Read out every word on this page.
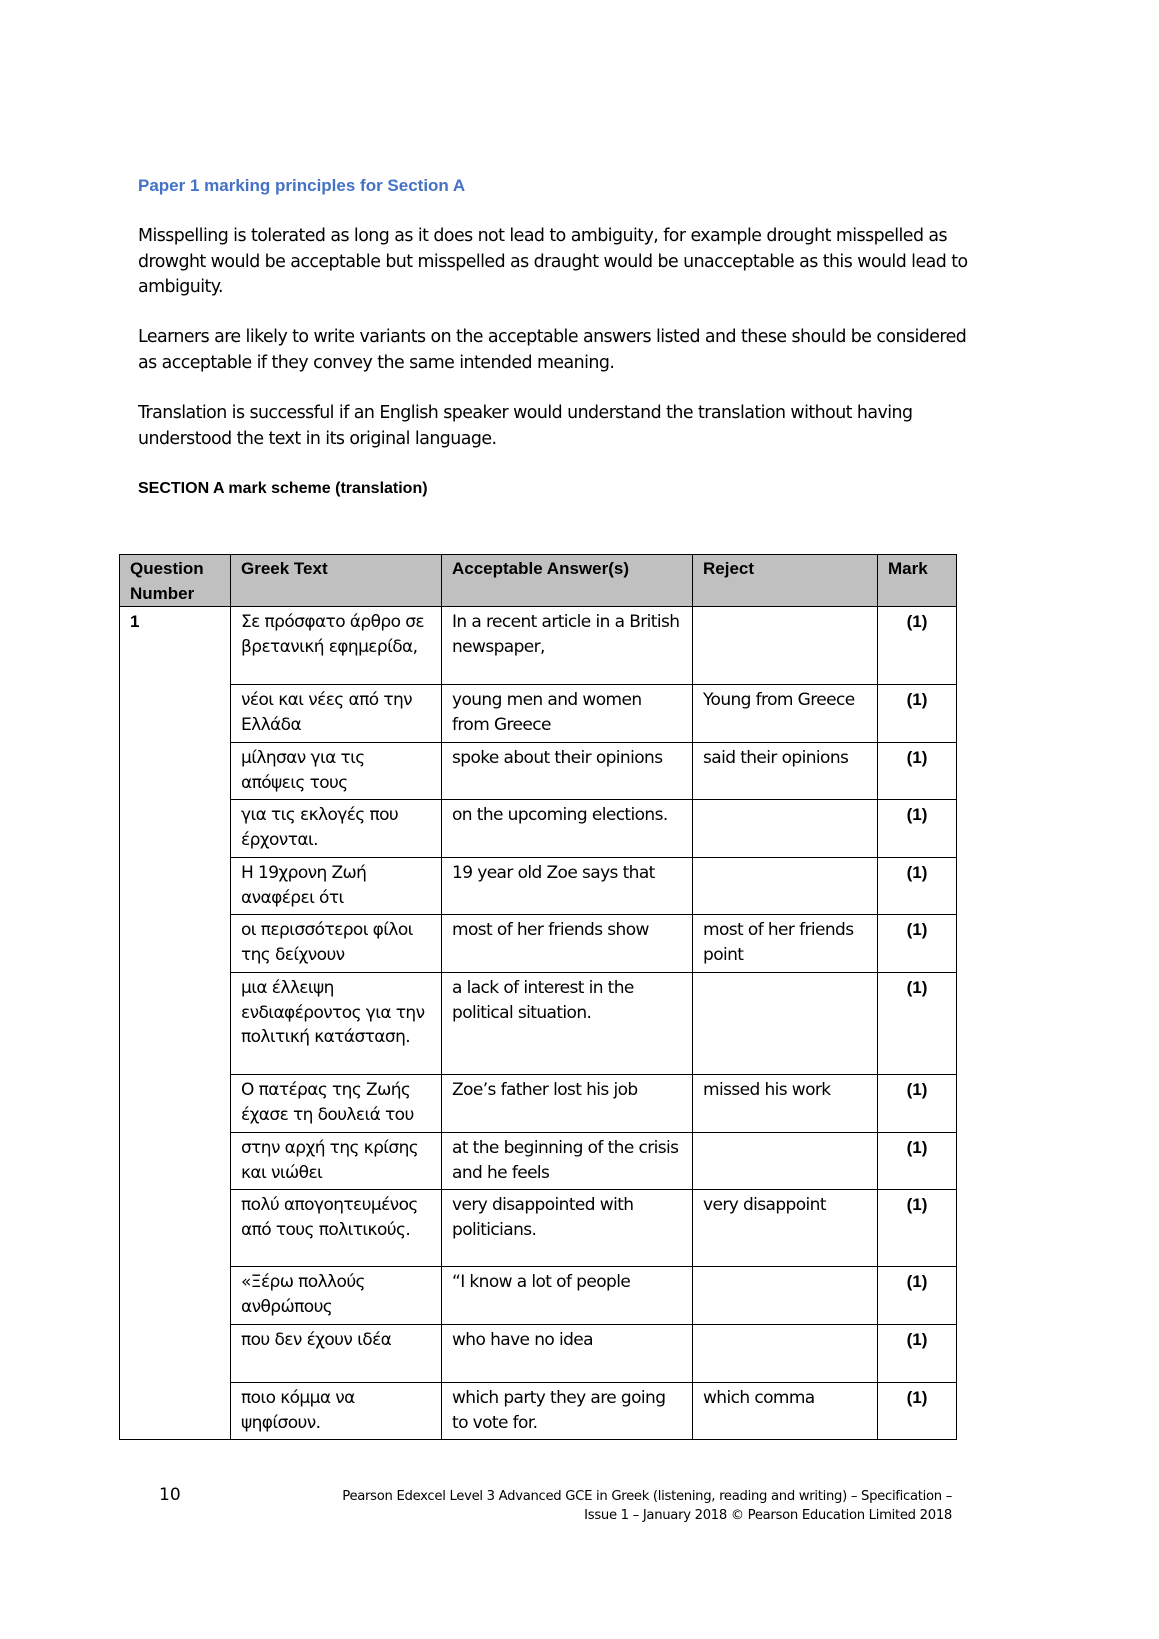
Paper 1 marking principles for Section A
Misspelling is tolerated as long as it does not lead to ambiguity, for example drought misspelled as drowght would be acceptable but misspelled as draught would be unacceptable as this would lead to ambiguity.
Learners are likely to write variants on the acceptable answers listed and these should be considered as acceptable if they convey the same intended meaning.
Translation is successful if an English speaker would understand the translation without having understood the text in its original language.
SECTION A mark scheme (translation)
Question Number	Greek Text	Acceptable Answer(s)	Reject	Mark
1	Σε πρόσφατο άρθρο σε βρετανική εφημερίδα,	In a recent article in a British newspaper,		(1)
	νέοι και νέες από την Ελλάδα	young men and women from Greece	Young from Greece	(1)
	μίλησαν για τις απόψεις τους	spoke about their opinions	said their opinions	(1)
	για τις εκλογές που έρχονται.	on the upcoming elections.		(1)
	Η 19χρονη Ζωή αναφέρει ότι	19 year old Zoe says that		(1)
	οι περισσότεροι φίλοι της δείχνουν	most of her friends show	most of her friends point	(1)
	μια έλλειψη ενδιαφέροντος για την πολιτική κατάσταση.	a lack of interest in the political situation.		(1)
	Ο πατέρας της Ζωής έχασε τη δουλειά του	Zoe’s father lost his job	missed his work	(1)
	στην αρχή της κρίσης και νιώθει	at the beginning of the crisis and he feels		(1)
	πολύ απογοητευμένος από τους πολιτικούς.	very disappointed with politicians.	very disappoint	(1)
	«Ξέρω πολλούς ανθρώπους	“I know a lot of people		(1)
	που δεν έχουν ιδέα	who have no idea		(1)
	ποιο κόμμα να ψηφίσουν.	which party they are going to vote for.	which comma	(1)
10	Pearson Edexcel Level 3 Advanced GCE in Greek (listening, reading and writing) – Specification –
Issue 1 – January 2018 © Pearson Education Limited 2018
